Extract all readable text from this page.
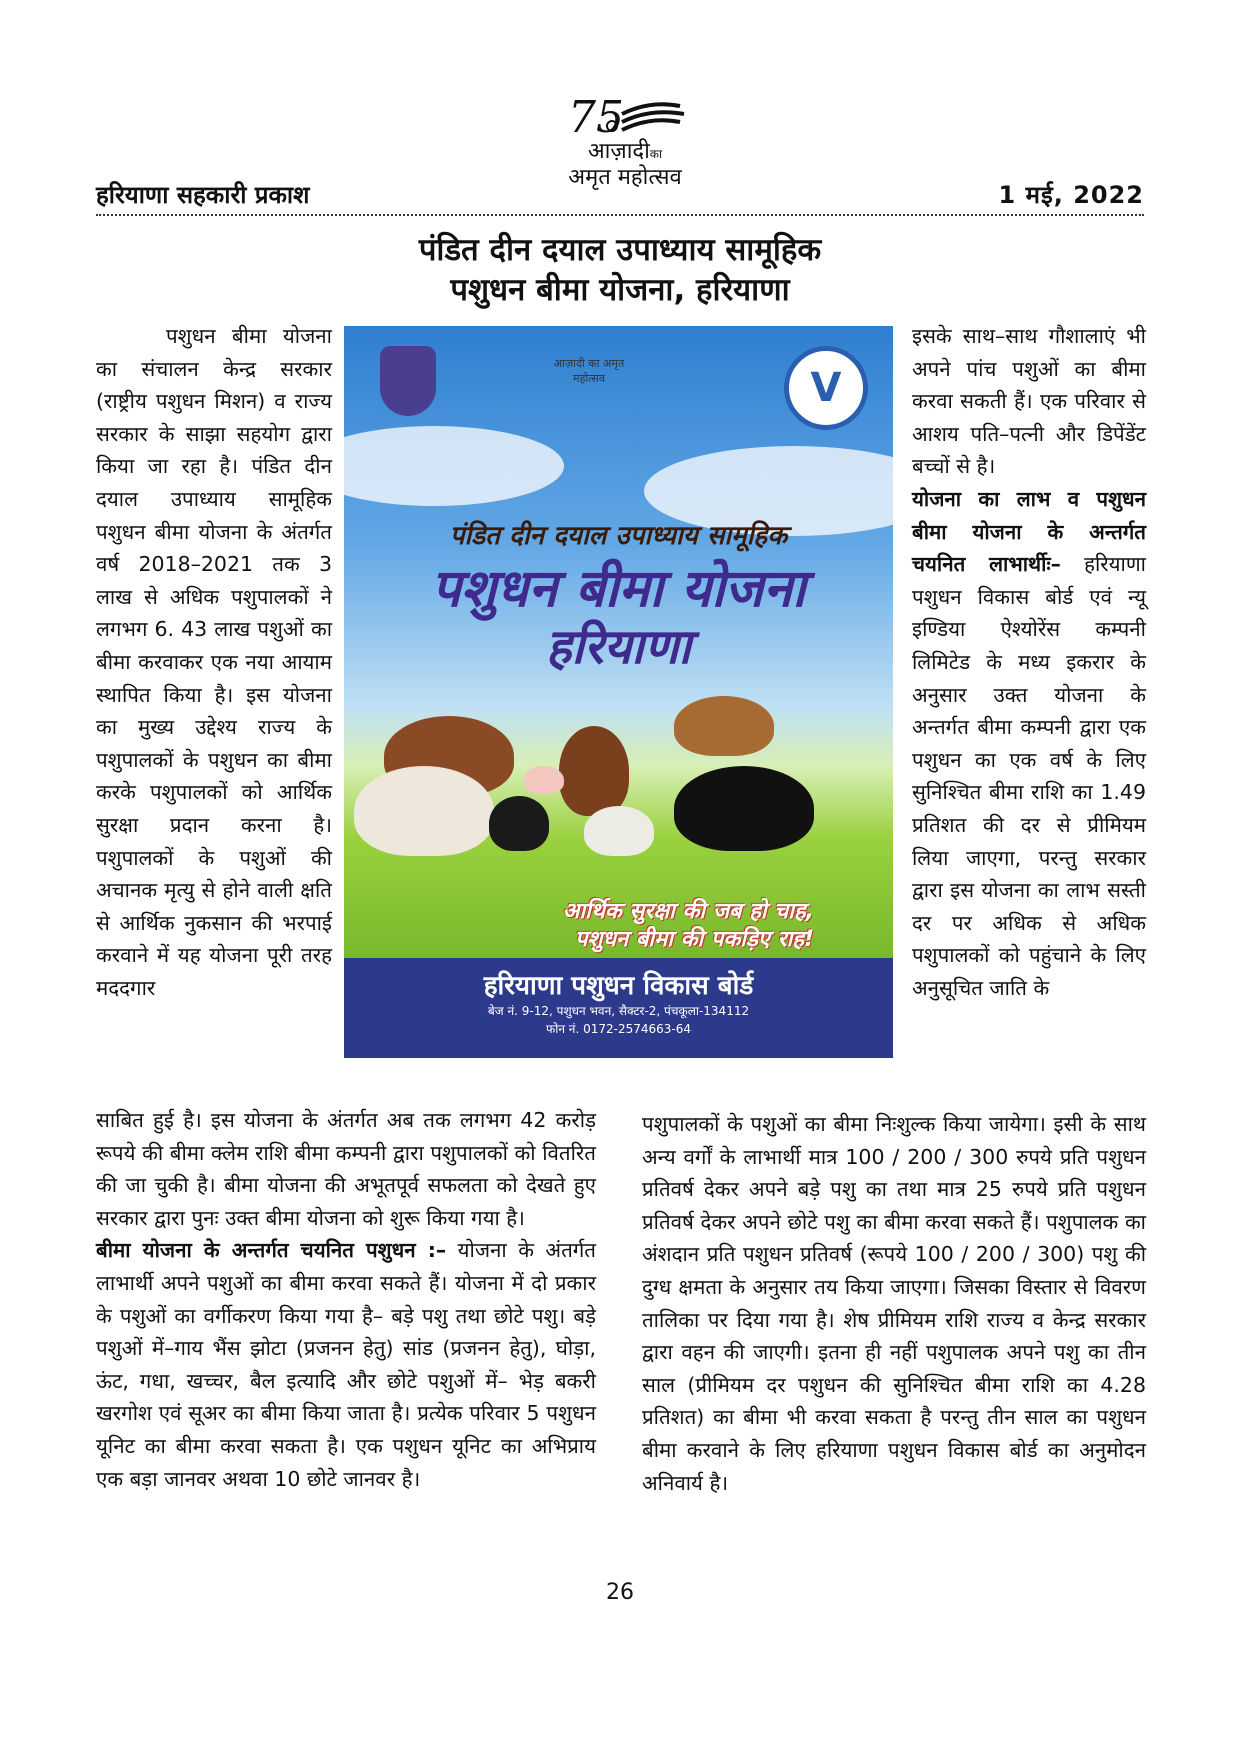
75
आज़ादीका
अमृत महोत्सव
हरियाणा सहकारी प्रकाश	1 मई, 2022
पंडित दीन दयाल उपाध्याय सामूहिक
पशुधन बीमा योजना, हरियाणा

पशुधन बीमा योजना का संचालन केन्द्र सरकार (राष्ट्रीय पशुधन मिशन) व राज्य सरकार के साझा सहयोग द्वारा किया जा रहा है। पंडित दीन दयाल उपाध्याय सामूहिक पशुधन बीमा योजना के अंतर्गत वर्ष 2018–2021 तक 3 लाख से अधिक पशुपालकों ने लगभग 6. 43 लाख पशुओं का बीमा करवाकर एक नया आयाम स्थापित किया है। इस योजना का मुख्य उद्देश्य राज्य के पशुपालकों के पशुधन का बीमा करके पशुपालकों को आर्थिक सुरक्षा प्रदान करना है। पशुपालकों के पशुओं की अचानक मृत्यु से होने वाली क्षति से आर्थिक नुकसान की भरपाई करवाने में यह योजना पूरी तरह मददगार

आज़ादी का अमृत महोत्सव	V
पंडित दीन दयाल उपाध्याय सामूहिक
पशुधन बीमा योजना
हरियाणा
आर्थिक सुरक्षा की जब हो चाह,
पशुधन बीमा की पकड़िए राह!
हरियाणा पशुधन विकास बोर्ड
बेज नं. 9-12, पशुधन भवन, सैक्टर-2, पंचकूला-134112
फोन नं. 0172-2574663-64

इसके साथ–साथ गौशालाएं भी अपने पांच पशुओं का बीमा करवा सकती हैं। एक परिवार से आशय पति–पत्नी और डिपेंडेंट बच्चों से है।

योजना का लाभ व पशुधन बीमा योजना के अन्तर्गत चयनित लाभार्थीः– हरियाणा पशुधन विकास बोर्ड एवं न्यू इण्डिया ऐश्योरेंस कम्पनी लिमिटेड के मध्य इकरार के अनुसार उक्त योजना के अन्तर्गत बीमा कम्पनी द्वारा एक पशुधन का एक वर्ष के लिए सुनिश्चित बीमा राशि का 1.49 प्रतिशत की दर से प्रीमियम लिया जाएगा, परन्तु सरकार द्वारा इस योजना का लाभ सस्ती दर पर अधिक से अधिक पशुपालकों को पहुंचाने के लिए अनुसूचित जाति के

साबित हुई है। इस योजना के अंतर्गत अब तक लगभग 42 करोड़ रूपये की बीमा क्लेम राशि बीमा कम्पनी द्वारा पशुपालकों को वितरित की जा चुकी है। बीमा योजना की अभूतपूर्व सफलता को देखते हुए सरकार द्वारा पुनः उक्त बीमा योजना को शुरू किया गया है।

बीमा योजना के अन्तर्गत चयनित पशुधन :– योजना के अंतर्गत लाभार्थी अपने पशुओं का बीमा करवा सकते हैं। योजना में दो प्रकार के पशुओं का वर्गीकरण किया गया है– बड़े पशु तथा छोटे पशु। बड़े पशुओं में–गाय भैंस झोटा (प्रजनन हेतु) सांड (प्रजनन हेतु), घोड़ा, ऊंट, गधा, खच्चर, बैल इत्यादि और छोटे पशुओं में– भेड़ बकरी खरगोश एवं सूअर का बीमा किया जाता है। प्रत्येक परिवार 5 पशुधन यूनिट का बीमा करवा सकता है। एक पशुधन यूनिट का अभिप्राय एक बड़ा जानवर अथवा 10 छोटे जानवर है।

पशुपालकों के पशुओं का बीमा निःशुल्क किया जायेगा। इसी के साथ अन्य वर्गों के लाभार्थी मात्र 100 / 200 / 300 रुपये प्रति पशुधन प्रतिवर्ष देकर अपने बड़े पशु का तथा मात्र 25 रुपये प्रति पशुधन प्रतिवर्ष देकर अपने छोटे पशु का बीमा करवा सकते हैं। पशुपालक का अंशदान प्रति पशुधन प्रतिवर्ष (रूपये 100 / 200 / 300) पशु की दुग्ध क्षमता के अनुसार तय किया जाएगा। जिसका विस्तार से विवरण तालिका पर दिया गया है। शेष प्रीमियम राशि राज्य व केन्द्र सरकार द्वारा वहन की जाएगी। इतना ही नहीं पशुपालक अपने पशु का तीन साल (प्रीमियम दर पशुधन की सुनिश्चित बीमा राशि का 4.28 प्रतिशत) का बीमा भी करवा सकता है परन्तु तीन साल का पशुधन बीमा करवाने के लिए हरियाणा पशुधन विकास बोर्ड का अनुमोदन अनिवार्य है।

26
